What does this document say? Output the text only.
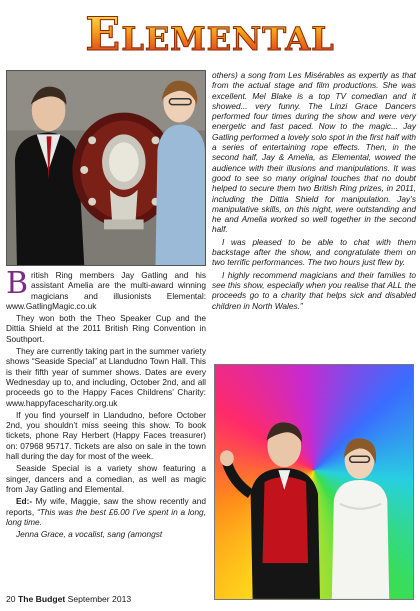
Elemental

British Ring members Jay Gatling and his assistant Amelia are the multi-award winning magicians and illusionists Elemental: www.GatlingMagic.co.uk

They won both the Theo Speaker Cup and the Dittia Shield at the 2011 British Ring Convention in Southport.

They are currently taking part in the summer variety shows “Seaside Special” at Llandudno Town Hall. This is their fifth year of summer shows. Dates are every Wednesday up to, and including, October 2nd, and all proceeds go to the Happy Faces Childrens’ Charity: www.happyfacescharity.org.uk

If you find yourself in Llandudno, before October 2nd, you shouldn’t miss seeing this show. To book tickets, phone Ray Herbert (Happy Faces treasurer) on: 07968 95717. Tickets are also on sale in the town hall during the day for most of the week.

Seaside Special is a variety show featuring a singer, dancers and a comedian, as well as magic from Jay Gatling and Elemental.

Ed:- My wife, Maggie, saw the show recently and reports, “This was the best £6.00 I’ve spent in a long, long time.

Jenna Grace, a vocalist, sang (amongst

others) a song from Les Misérables as expertly as that from the actual stage and film productions. She was excellent. Mel Blake is a top TV comedian and it showed... very funny. The Linzi Grace Dancers performed four times during the show and were very energetic and fast paced. Now to the magic... Jay Gatling performed a lovely solo spot in the first half with a series of entertaining rope effects. Then, in the second half, Jay & Amelia, as Elemental, wowed the audience with their illusions and manipulations. It was good to see so many original touches that no doubt helped to secure them two British Ring prizes, in 2011, including the Dittia Shield for manipulation. Jay’s manipulative skills, on this night, were outstanding and he and Amelia worked so well together in the second half.

I was pleased to be able to chat with them backstage after the show, and congratulate them on two terrific performances. The two hours just flew by.

I highly recommend magicians and their families to see this show, especially when you realise that ALL the proceeds go to a charity that helps sick and disabled children in North Wales.”

20 The Budget September 2013
